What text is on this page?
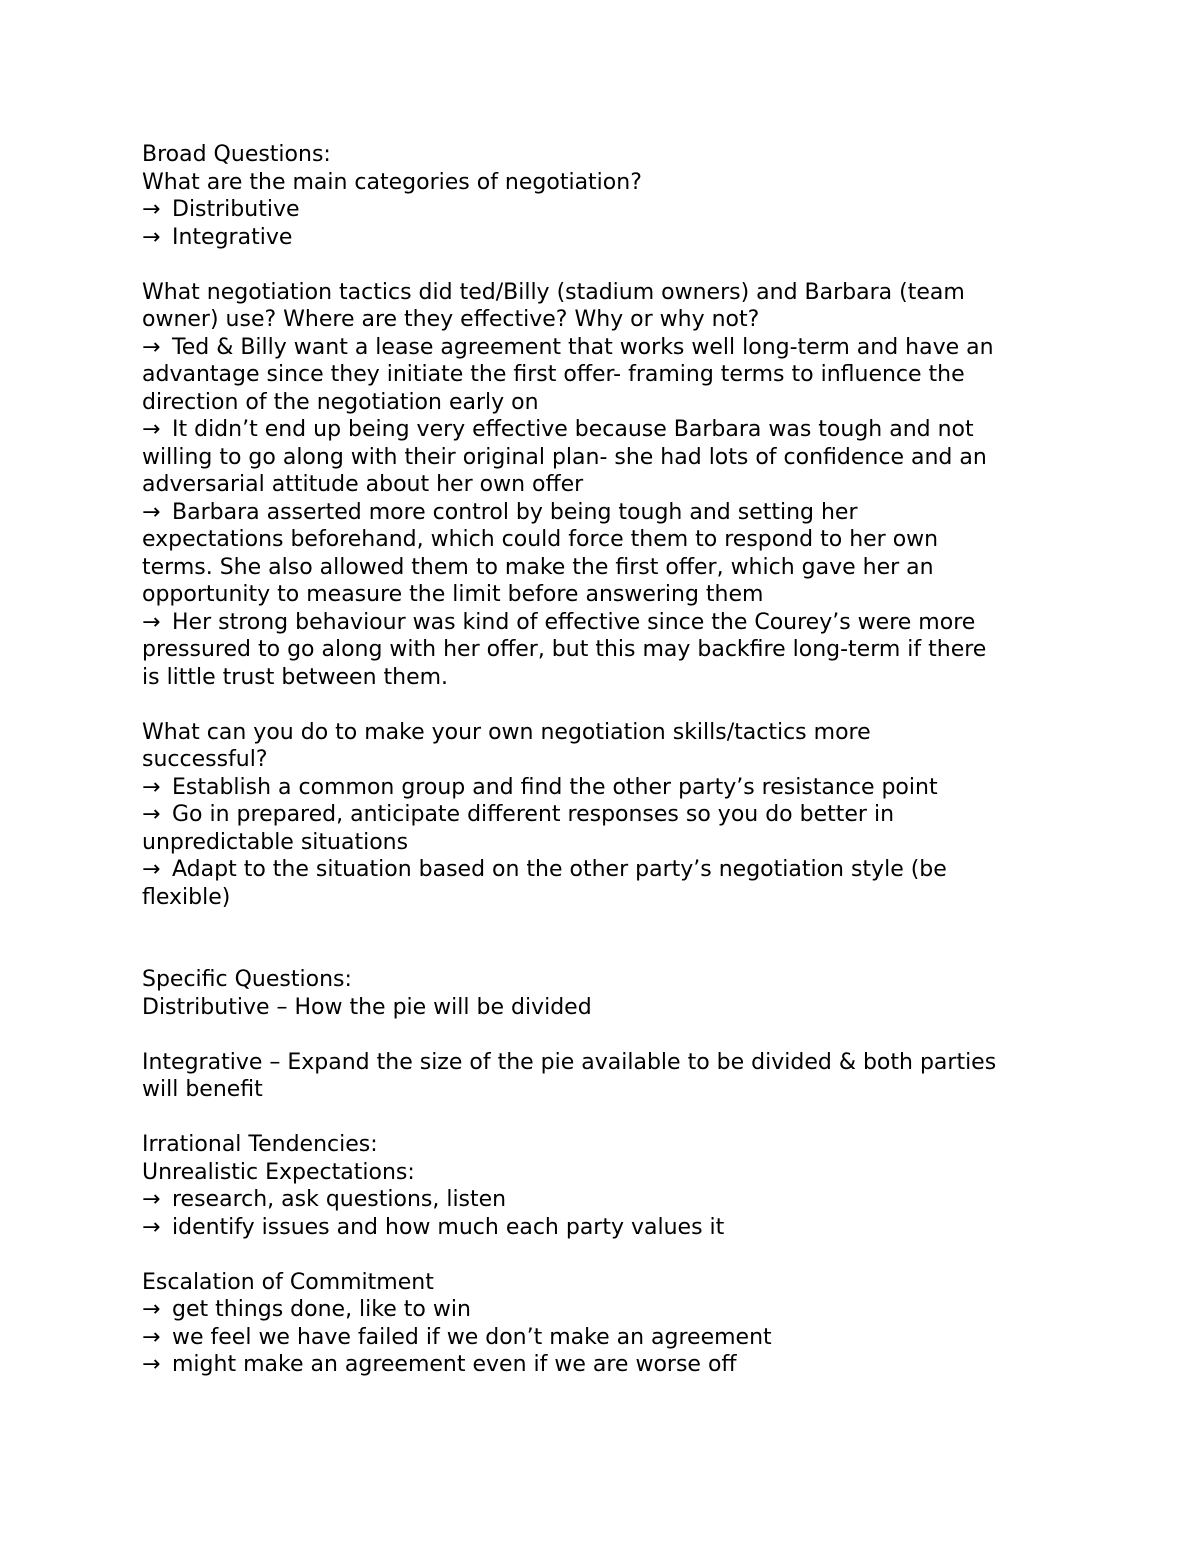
Broad Questions:
What are the main categories of negotiation?
→ Distributive
→ Integrative
What negotiation tactics did ted/Billy (stadium owners) and Barbara (team
owner) use? Where are they effective? Why or why not?
→ Ted & Billy want a lease agreement that works well long-term and have an
advantage since they initiate the first offer- framing terms to influence the
direction of the negotiation early on
→ It didn’t end up being very effective because Barbara was tough and not
willing to go along with their original plan- she had lots of confidence and an
adversarial attitude about her own offer
→ Barbara asserted more control by being tough and setting her
expectations beforehand, which could force them to respond to her own
terms. She also allowed them to make the first offer, which gave her an
opportunity to measure the limit before answering them
→ Her strong behaviour was kind of effective since the Courey’s were more
pressured to go along with her offer, but this may backfire long-term if there
is little trust between them.
What can you do to make your own negotiation skills/tactics more
successful?
→ Establish a common group and find the other party’s resistance point
→ Go in prepared, anticipate different responses so you do better in
unpredictable situations
→ Adapt to the situation based on the other party’s negotiation style (be
flexible)
Specific Questions:
Distributive – How the pie will be divided
Integrative – Expand the size of the pie available to be divided & both parties
will benefit
Irrational Tendencies:
Unrealistic Expectations:
→ research, ask questions, listen
→ identify issues and how much each party values it
Escalation of Commitment
→ get things done, like to win
→ we feel we have failed if we don’t make an agreement
→ might make an agreement even if we are worse off
